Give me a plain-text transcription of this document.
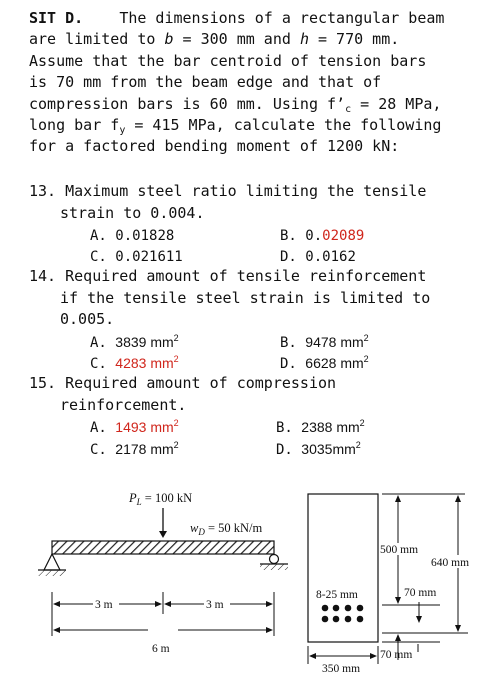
SIT D. The dimensions of a rectangular beam
are limited to b = 300 mm and h = 770 mm.
Assume that the bar centroid of tension bars
is 70 mm from the beam edge and that of
compression bars is 60 mm. Using $f’_c = 28$ MPa,
long bar $f_y = 415$ MPa, calculate the following
for a factored bending moment of 1200 kN:
13. Maximum steel ratio limiting the tensile
strain to 0.004.
A. 0.01828	B. 0.02089
C. 0.021611	D. 0.0162
14. Required amount of tensile reinforcement
if the tensile steel strain is limited to
0.005.
A. 3839 $mm^2$	B. 9478 $mm^2$
C. 4283 $mm^2$	D. 6628 $mm^2$
15. Required amount of compression
reinforcement.
A. 1493 $mm^2$	B. 2388 $mm^2$
C. 2178 $mm^2$	D. $3035mm^2$
$P_L = 100$ kN
$w_D = 50$ kN/m
3 m	3 m
6 m
8-25 mm
350 mm
500 mm
640 mm
70 mm
70 mm
